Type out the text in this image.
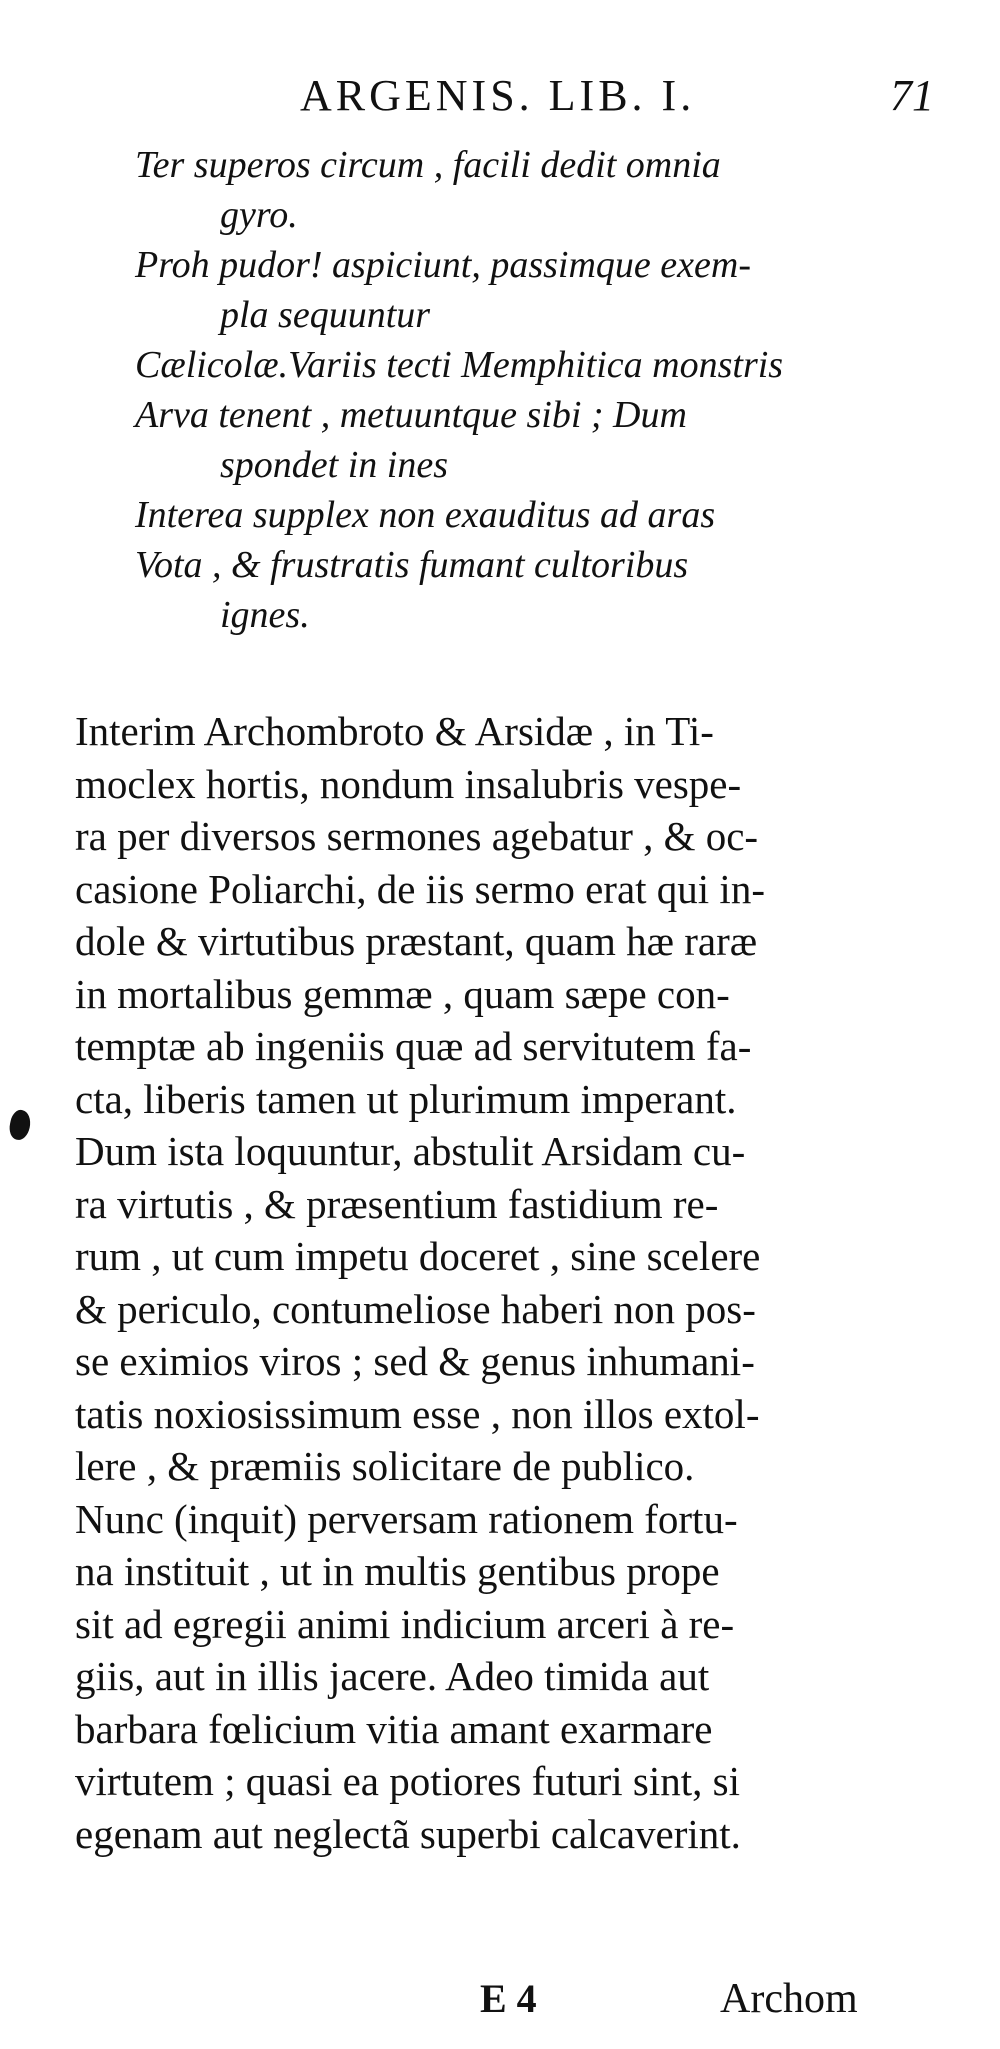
ARGENIS. LIB. I.	71
Ter superos circum , facili dedit omnia
gyro.
Proh pudor! aspiciunt, passimque exem-
pla sequuntur
Cælicolæ.Variis tecti Memphitica monstris
Arva tenent , metuuntque sibi ; Dum
spondet in ines
Interea supplex non exauditus ad aras
Vota , & frustratis fumant cultoribus
ignes.
Interim Archombroto & Arsidæ , in Ti-
moclex hortis, nondum insalubris vespe-
ra per diversos sermones agebatur , & oc-
casione Poliarchi, de iis sermo erat qui in-
dole & virtutibus præstant, quam hæ raræ
in mortalibus gemmæ , quam sæpe con-
temptæ ab ingeniis quæ ad servitutem fa-
cta, liberis tamen ut plurimum imperant.
Dum ista loquuntur, abstulit Arsidam cu-
ra virtutis , & præsentium fastidium re-
rum , ut cum impetu doceret , sine scelere
& periculo, contumeliose haberi non pos-
se eximios viros ; sed & genus inhumani-
tatis noxiosissimum esse , non illos extol-
lere , & præmiis solicitare de publico.
Nunc (inquit) perversam rationem fortu-
na instituit , ut in multis gentibus prope
sit ad egregii animi indicium arceri à re-
giis, aut in illis jacere. Adeo timida aut
barbara fœlicium vitia amant exarmare
virtutem ; quasi ea potiores futuri sint, si
egenam aut neglectã superbi calcaverint.
E 4	Archom
